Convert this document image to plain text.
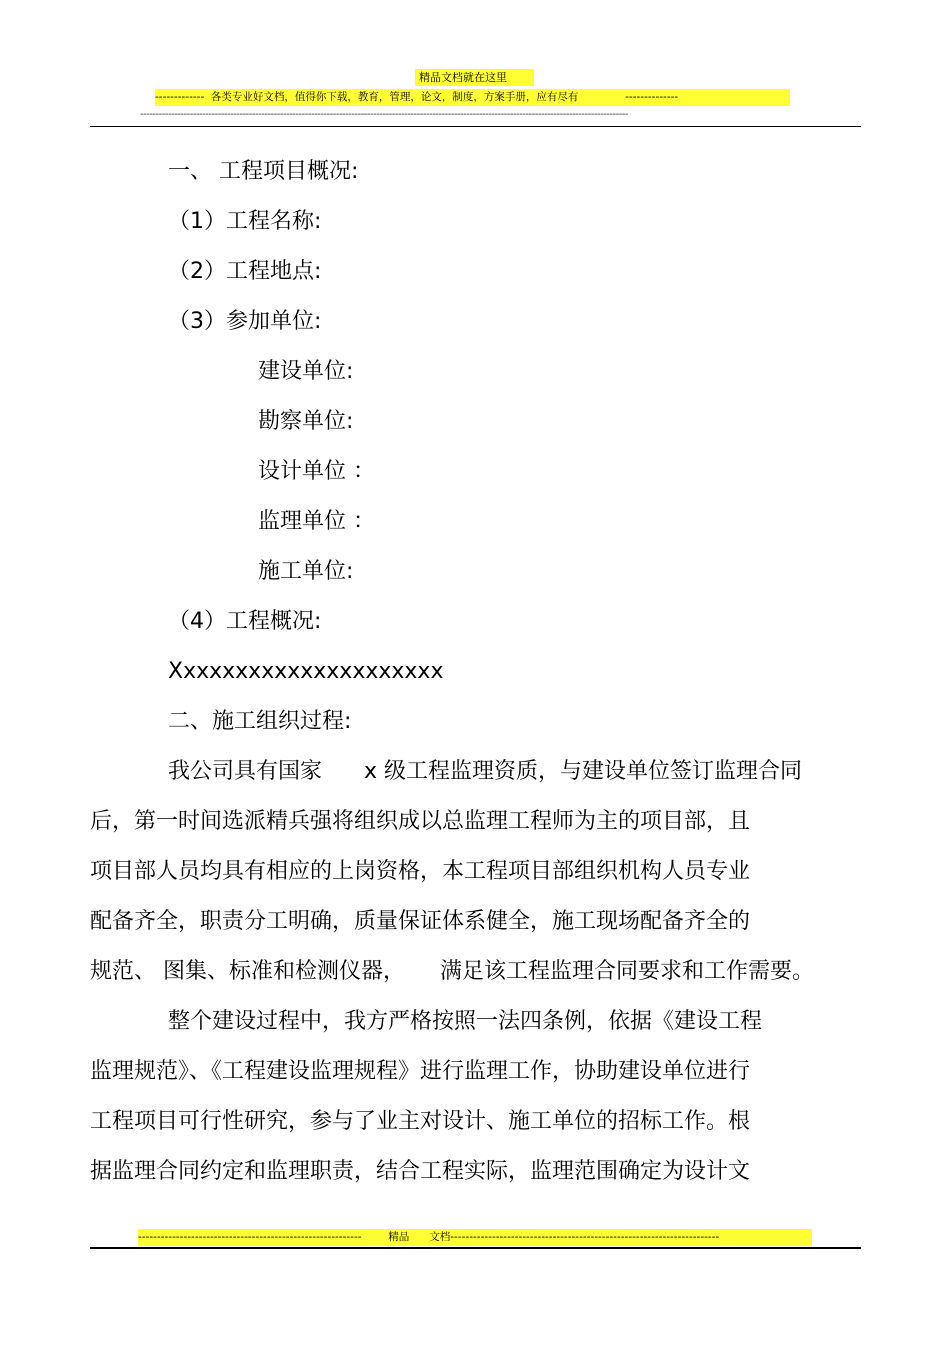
精品文档就在这里
-------------  各类专业好文档，值得你下载，教育，管理，论文，制度，方案手册，应有尽有              --------------
-------------------------------------------------------------------------------------------------------------------------------------------------------------
一、 工程项目概况:
（1）工程名称:
（2）工程地点:
（3）参加单位:
建设单位:
勘察单位:
设计单位 ：
监理单位 ：
施工单位:
（4）工程概况:
Xxxxxxxxxxxxxxxxxxxxx
二、施工组织过程:
我公司具有国家      x 级工程监理资质，与建设单位签订监理合同
后，第一时间选派精兵强将组织成以总监理工程师为主的项目部，且
项目部人员均具有相应的上岗资格，本工程项目部组织机构人员专业
配备齐全，职责分工明确，质量保证体系健全，施工现场配备齐全的
规范、 图集、标准和检测仪器，     满足该工程监理合同要求和工作需要。
整个建设过程中，我方严格按照一法四条例，依据《建设工程
监理规范》、《工程建设监理规程》进行监理工作，协助建设单位进行
工程项目可行性研究，参与了业主对设计、施工单位的招标工作。根
据监理合同约定和监理职责，结合工程实际，监理范围确定为设计文
-----------------------------------------------------------        精品      文档-----------------------------------------------------------------------
